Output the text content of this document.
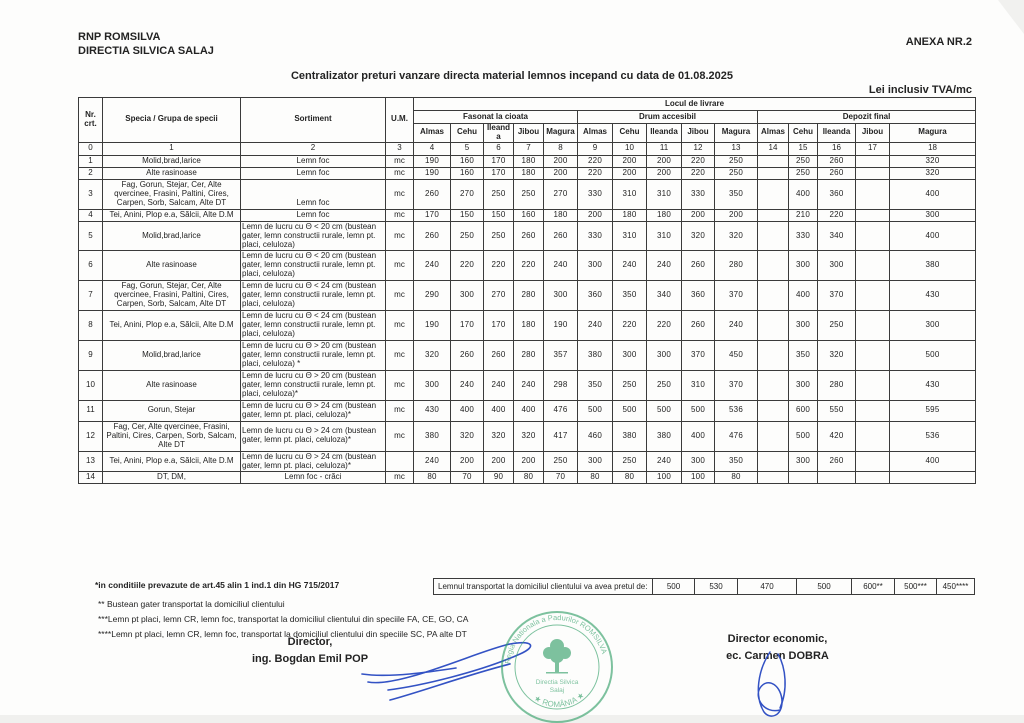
RNP ROMSILVA
DIRECTIA SILVICA SALAJ
ANEXA NR.2
Centralizator preturi vanzare directa material lemnos incepand cu data de 01.08.2025
Lei inclusiv TVA/mc
Nr. crt.	Specia / Grupa de specii	Sortiment	U.M.	Locul de livrare														
				Fasonat la cioata					Drum accesibil					Depozit final				
				Almas	Cehu	Ileanda	Jibou	Magura	Almas	Cehu	Ileanda	Jibou	Magura	Almas	Cehu	Ileanda	Jibou	Magura
0	1	2	3	4	5	6	7	8	9	10	11	12	13	14	15	16	17	18
1	Molid,brad,larice	Lemn foc	mc	190	160	170	180	200	220	200	200	220	250		250	260		320
2	Alte rasinoase	Lemn foc	mc	190	160	170	180	200	220	200	200	220	250		250	260		320
3	Fag, Gorun, Stejar, Cer, Alte qvercinee, Frasini, Paltini, Cires, Carpen, Sorb, Salcam, Alte DT	Lemn foc	mc	260	270	250	250	270	330	310	310	330	350		400	360		400
4	Tei, Anini, Plop e.a, Sălcii, Alte D.M	Lemn foc	mc	170	150	150	160	180	200	180	180	200	200		210	220		300
5	Molid,brad,larice	Lemn de lucru cu Θ < 20 cm (bustean gater, lemn constructii rurale, lemn pt. placi, celuloza)	mc	260	250	250	260	260	330	310	310	320	320		330	340		400
6	Alte rasinoase	Lemn de lucru cu Θ < 20 cm (bustean gater, lemn constructii rurale, lemn pt. placi, celuloza)	mc	240	220	220	220	240	300	240	240	260	280		300	300		380
7	Fag, Gorun, Stejar, Cer, Alte qvercinee, Frasini, Paltini, Cires, Carpen, Sorb, Salcam, Alte DT	Lemn de lucru cu Θ < 24 cm (bustean gater, lemn constructii rurale, lemn pt. placi, celuloza)	mc	290	300	270	280	300	360	350	340	360	370		400	370		430
8	Tei, Anini, Plop e.a, Sălcii, Alte D.M	Lemn de lucru cu Θ < 24 cm (bustean gater, lemn constructii rurale, lemn pt. placi, celuloza)	mc	190	170	170	180	190	240	220	220	260	240		300	250		300
9	Molid,brad,larice	Lemn de lucru cu Θ > 20 cm (bustean gater, lemn constructii rurale, lemn pt. placi, celuloza) *	mc	320	260	260	280	357	380	300	300	370	450		350	320		500
10	Alte rasinoase	Lemn de lucru cu Θ > 20 cm (bustean gater, lemn constructii rurale, lemn pt. placi, celuloza)*	mc	300	240	240	240	298	350	250	250	310	370		300	280		430
11	Gorun, Stejar	Lemn de lucru cu Θ > 24 cm (bustean gater, lemn pt. placi, celuloza)*	mc	430	400	400	400	476	500	500	500	500	536		600	550		595
12	Fag, Cer, Alte qvercinee, Frasini, Paltini, Cires, Carpen, Sorb, Salcam, Alte DT	Lemn de lucru cu Θ > 24 cm (bustean gater, lemn pt. placi, celuloza)*	mc	380	320	320	320	417	460	380	380	400	476		500	420		536
13	Tei, Anini, Plop e.a, Sălcii, Alte D.M	Lemn de lucru cu Θ > 24 cm (bustean gater, lemn pt. placi, celuloza)*		240	200	200	200	250	300	250	240	300	350		300	260		400
14	DT, DM,	Lemn foc - crăci	mc	80	70	90	80	70	80	80	100	100	80					
*in conditiile prevazute de art.45 alin 1 ind.1 din HG 715/2017	Lemnul transportat la domiciliul clientului va avea pretul de:	500	530	470	500	600**	500***	450****
** Bustean gater transportat la domiciliul clientului
***Lemn pt placi, lemn CR, lemn foc, transportat la domiciliul clientului din speciile FA, CE, GO, CA
****Lemn pt placi, lemn CR, lemn foc, transportat la domiciliul clientului din speciile SC, PA alte DT
Director,
ing. Bogdan Emil POP
Director economic,
ec. Carmen DOBRA
Regia Nationala a Padurilor ROMSILVA
★ ROMÂNIA ★
Directia Silvica
Salaj
